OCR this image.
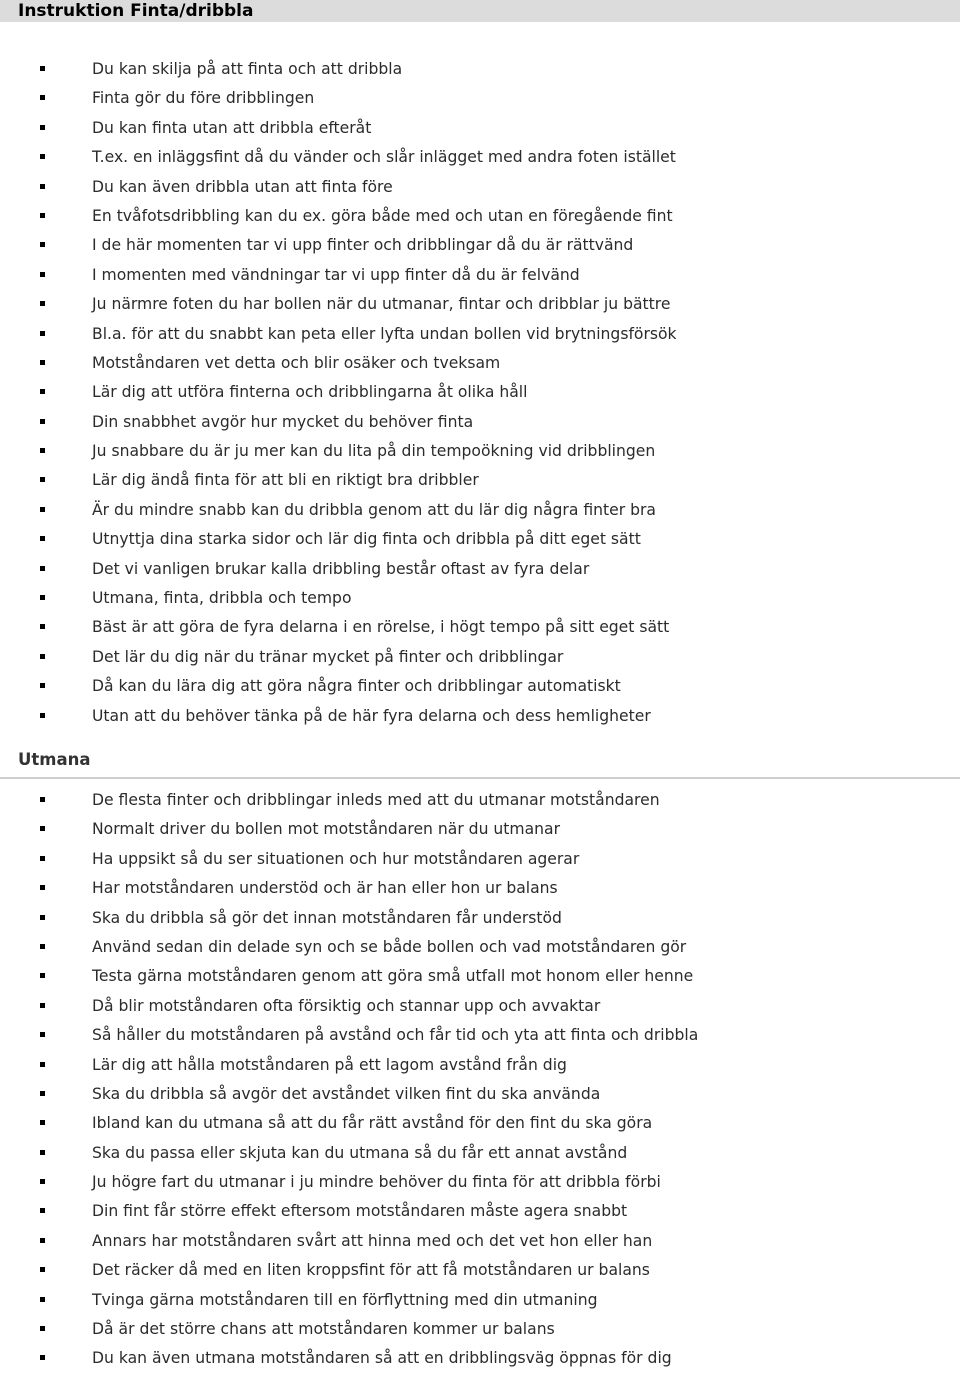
Instruktion Finta/dribbla
Du kan skilja på att finta och att dribbla
Finta gör du före dribblingen
Du kan finta utan att dribbla efteråt
T.ex. en inläggsfint då du vänder och slår inlägget med andra foten istället
Du kan även dribbla utan att finta före
En tvåfotsdribbling kan du ex. göra både med och utan en föregående fint
I de här momenten tar vi upp finter och dribblingar då du är rättvänd
I momenten med vändningar tar vi upp finter då du är felvänd
Ju närmre foten du har bollen när du utmanar, fintar och dribblar ju bättre
Bl.a. för att du snabbt kan peta eller lyfta undan bollen vid brytningsförsök
Motståndaren vet detta och blir osäker och tveksam
Lär dig att utföra finterna och dribblingarna åt olika håll
Din snabbhet avgör hur mycket du behöver finta
Ju snabbare du är ju mer kan du lita på din tempoökning vid dribblingen
Lär dig ändå finta för att bli en riktigt bra dribbler
Är du mindre snabb kan du dribbla genom att du lär dig några finter bra
Utnyttja dina starka sidor och lär dig finta och dribbla på ditt eget sätt
Det vi vanligen brukar kalla dribbling består oftast av fyra delar
Utmana, finta, dribbla och tempo
Bäst är att göra de fyra delarna i en rörelse, i högt tempo på sitt eget sätt
Det lär du dig när du tränar mycket på finter och dribblingar
Då kan du lära dig att göra några finter och dribblingar automatiskt
Utan att du behöver tänka på de här fyra delarna och dess hemligheter
Utmana
De flesta finter och dribblingar inleds med att du utmanar motståndaren
Normalt driver du bollen mot motståndaren när du utmanar
Ha uppsikt så du ser situationen och hur motståndaren agerar
Har motståndaren understöd och är han eller hon ur balans
Ska du dribbla så gör det innan motståndaren får understöd
Använd sedan din delade syn och se både bollen och vad motståndaren gör
Testa gärna motståndaren genom att göra små utfall mot honom eller henne
Då blir motståndaren ofta försiktig och stannar upp och avvaktar
Så håller du motståndaren på avstånd och får tid och yta att finta och dribbla
Lär dig att hålla motståndaren på ett lagom avstånd från dig
Ska du dribbla så avgör det avståndet vilken fint du ska använda
Ibland kan du utmana så att du får rätt avstånd för den fint du ska göra
Ska du passa eller skjuta kan du utmana så du får ett annat avstånd
Ju högre fart du utmanar i ju mindre behöver du finta för att dribbla förbi
Din fint får större effekt eftersom motståndaren måste agera snabbt
Annars har motståndaren svårt att hinna med och det vet hon eller han
Det räcker då med en liten kroppsfint för att få motståndaren ur balans
Tvinga gärna motståndaren till en förflyttning med din utmaning
Då är det större chans att motståndaren kommer ur balans
Du kan även utmana motståndaren så att en dribblingsväg öppnas för dig
